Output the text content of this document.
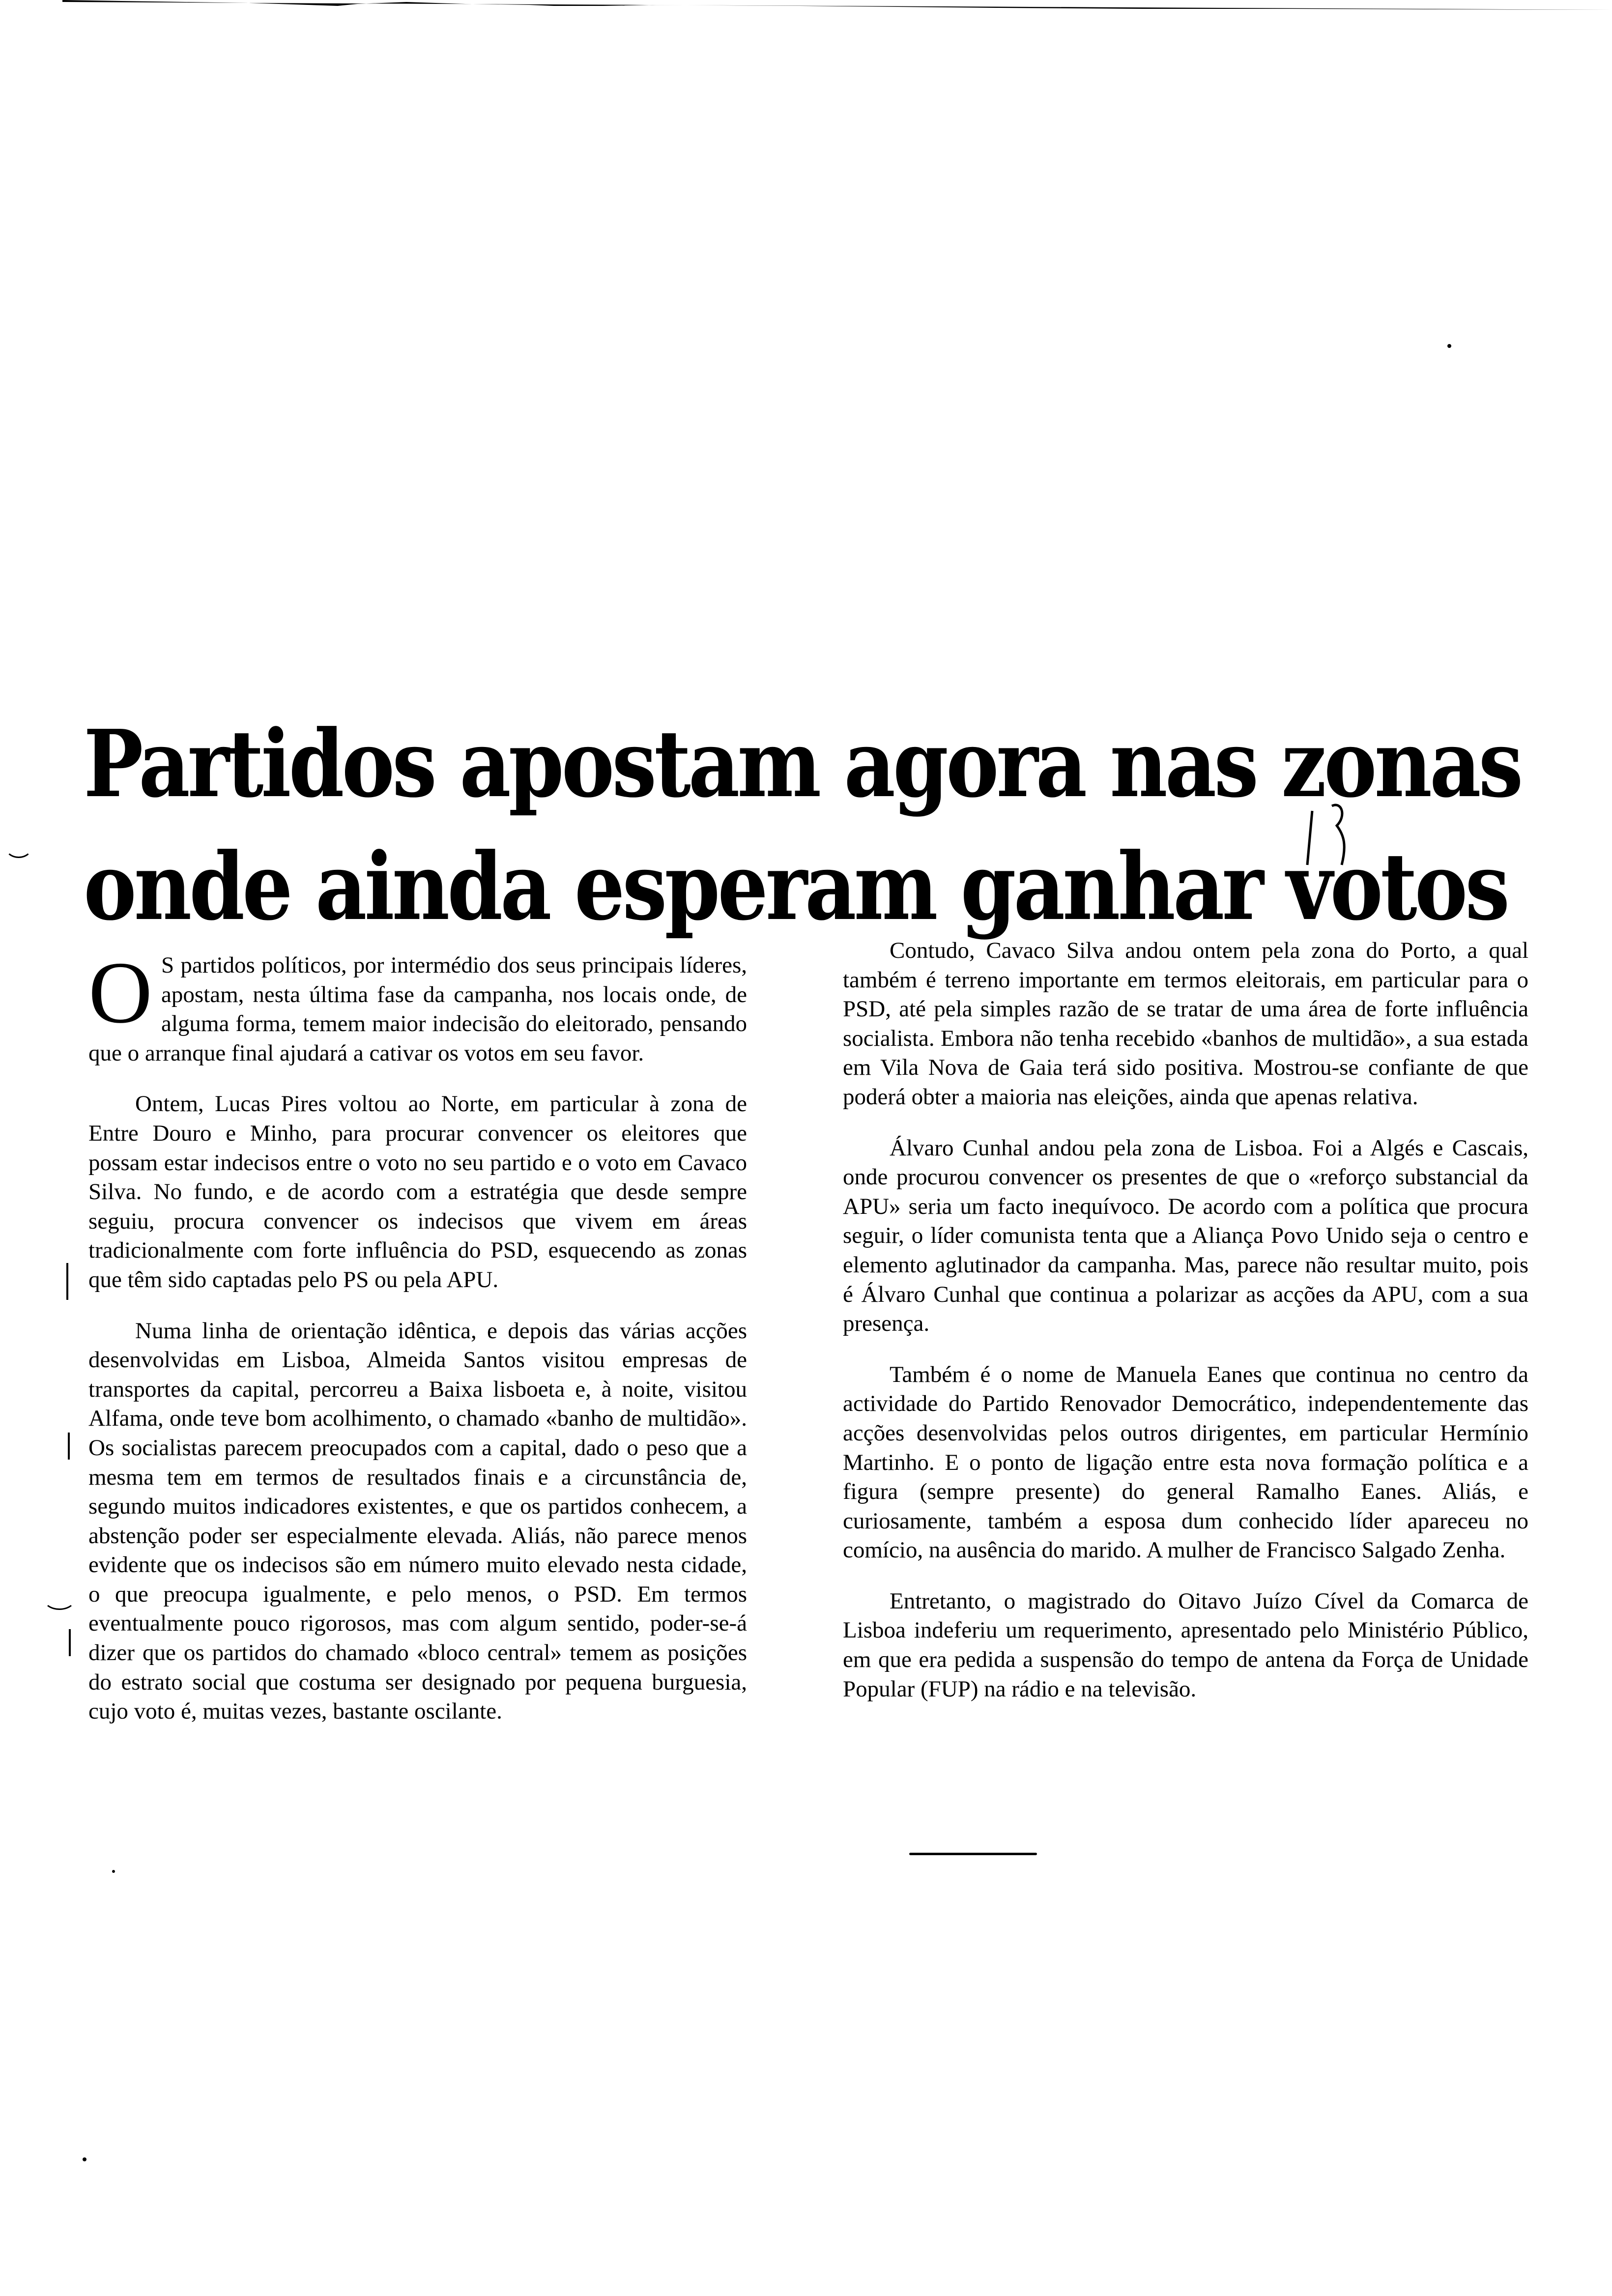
Partidos apostam agora nas zonas
onde ainda esperam ganhar votos

O S partidos políticos, por intermédio dos seus principais líderes, apostam, nesta última fase da campanha, nos locais onde, de alguma forma, temem maior indecisão do eleitorado, pensando que o arranque final ajudará a cativar os votos em seu favor.

Ontem, Lucas Pires voltou ao Norte, em particular à zona de Entre Douro e Minho, para procurar convencer os eleitores que possam estar indecisos entre o voto no seu partido e o voto em Cavaco Silva. No fundo, e de acordo com a estratégia que desde sempre seguiu, procura convencer os indecisos que vivem em áreas tradicionalmente com forte influência do PSD, esquecendo as zonas que têm sido captadas pelo PS ou pela APU.

Numa linha de orientação idêntica, e depois das várias acções desenvolvidas em Lisboa, Almeida Santos visitou empresas de transportes da capital, percorreu a Baixa lisboeta e, à noite, visitou Alfama, onde teve bom acolhimento, o chamado «banho de multidão». Os socialistas parecem preocupados com a capital, dado o peso que a mesma tem em termos de resultados finais e a circunstância de, segundo muitos indicadores existentes, e que os partidos conhecem, a abstenção poder ser especialmente elevada. Aliás, não parece menos evidente que os indecisos são em número muito elevado nesta cidade, o que preocupa igualmente, e pelo menos, o PSD. Em termos eventualmente pouco rigorosos, mas com algum sentido, poder-se-á dizer que os partidos do chamado «bloco central» temem as posições do estrato social que costuma ser designado por pequena burguesia, cujo voto é, muitas vezes, bastante oscilante.

Contudo, Cavaco Silva andou ontem pela zona do Porto, a qual também é terreno importante em termos eleitorais, em particular para o PSD, até pela simples razão de se tratar de uma área de forte influência socialista. Embora não tenha recebido «banhos de multidão», a sua estada em Vila Nova de Gaia terá sido positiva. Mostrou-se confiante de que poderá obter a maioria nas eleições, ainda que apenas relativa.

Álvaro Cunhal andou pela zona de Lisboa. Foi a Algés e Cascais, onde procurou convencer os presentes de que o «reforço substancial da APU» seria um facto inequívoco. De acordo com a política que procura seguir, o líder comunista tenta que a Aliança Povo Unido seja o centro e elemento aglutinador da campanha. Mas, parece não resultar muito, pois é Álvaro Cunhal que continua a polarizar as acções da APU, com a sua presença.

Também é o nome de Manuela Eanes que continua no centro da actividade do Partido Renovador Democrático, independentemente das acções desenvolvidas pelos outros dirigentes, em particular Hermínio Martinho. E o ponto de ligação entre esta nova formação política e a figura (sempre presente) do general Ramalho Eanes. Aliás, e curiosamente, também a esposa dum conhecido líder apareceu no comício, na ausência do marido. A mulher de Francisco Salgado Zenha.

Entretanto, o magistrado do Oitavo Juízo Cível da Comarca de Lisboa indeferiu um requerimento, apresentado pelo Ministério Público, em que era pedida a suspensão do tempo de antena da Força de Unidade Popular (FUP) na rádio e na televisão.
